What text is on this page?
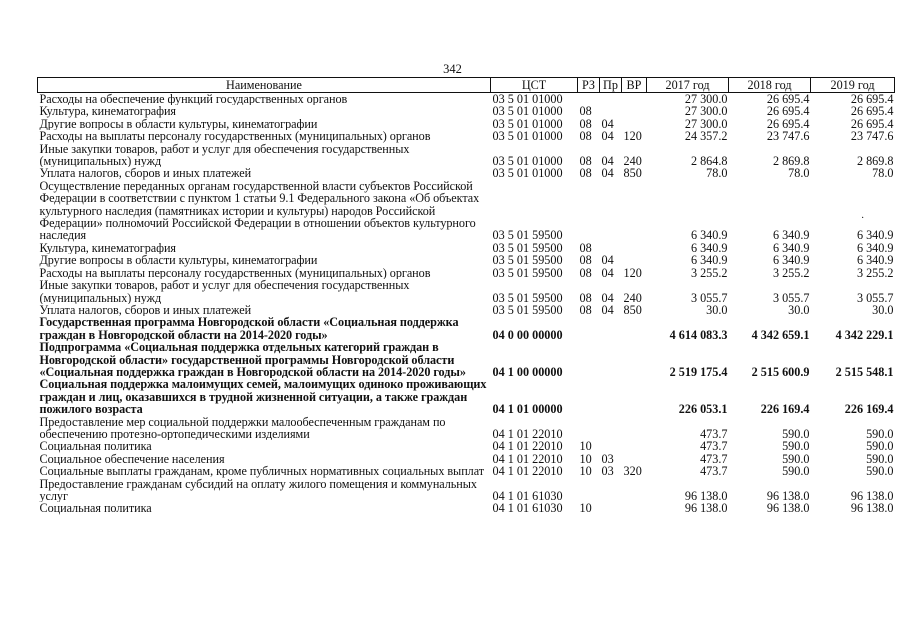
342
·
Наименование	ЦСТ	РЗ	Пр	ВР	2017 год	2018 год	2019 год
Расходы на обеспечение функций государственных органов	03 5 01 01000				27 300.0	26 695.4	26 695.4
Культура, кинематография	03 5 01 01000	08			27 300.0	26 695.4	26 695.4
Другие вопросы в области культуры, кинематографии	03 5 01 01000	08	04		27 300.0	26 695.4	26 695.4
Расходы на выплаты персоналу государственных (муниципальных) органов	03 5 01 01000	08	04	120	24 357.2	23 747.6	23 747.6
Иные закупки товаров, работ и услуг для обеспечения государственных (муниципальных) нужд	03 5 01 01000	08	04	240	2 864.8	2 869.8	2 869.8
Уплата налогов, сборов и иных платежей	03 5 01 01000	08	04	850	78.0	78.0	78.0
Осуществление переданных органам государственной власти субъектов Российской Федерации в соответствии с пунктом 1 статьи 9.1 Федерального закона «Об объектах культурного наследия (памятниках истории и культуры) народов Российской Федерации» полномочий Российской Федерации в отношении объектов культурного наследия	03 5 01 59500				6 340.9	6 340.9	6 340.9
Культура, кинематография	03 5 01 59500	08			6 340.9	6 340.9	6 340.9
Другие вопросы в области культуры, кинематографии	03 5 01 59500	08	04		6 340.9	6 340.9	6 340.9
Расходы на выплаты персоналу государственных (муниципальных) органов	03 5 01 59500	08	04	120	3 255.2	3 255.2	3 255.2
Иные закупки товаров, работ и услуг для обеспечения государственных (муниципальных) нужд	03 5 01 59500	08	04	240	3 055.7	3 055.7	3 055.7
Уплата налогов, сборов и иных платежей	03 5 01 59500	08	04	850	30.0	30.0	30.0
Государственная программа Новгородской области «Социальная поддержка граждан в Новгородской области на 2014-2020 годы»	04 0 00 00000				4 614 083.3	4 342 659.1	4 342 229.1
Подпрограмма «Социальная поддержка отдельных категорий граждан в Новгородской области» государственной программы Новгородской области «Социальная поддержка граждан в Новгородской области на 2014-2020 годы»	04 1 00 00000				2 519 175.4	2 515 600.9	2 515 548.1
Социальная поддержка малоимущих семей, малоимущих одиноко проживающих граждан и лиц, оказавшихся в трудной жизненной ситуации, а также граждан пожилого возраста	04 1 01 00000				226 053.1	226 169.4	226 169.4
Предоставление мер социальной поддержки малообеспеченным гражданам по обеспечению протезно-ортопедическими изделиями	04 1 01 22010				473.7	590.0	590.0
Социальная политика	04 1 01 22010	10			473.7	590.0	590.0
Социальное обеспечение населения	04 1 01 22010	10	03		473.7	590.0	590.0
Социальные выплаты гражданам, кроме публичных нормативных социальных выплат	04 1 01 22010	10	03	320	473.7	590.0	590.0
Предоставление гражданам субсидий на оплату жилого помещения и коммунальных услуг	04 1 01 61030				96 138.0	96 138.0	96 138.0
Социальная политика	04 1 01 61030	10			96 138.0	96 138.0	96 138.0
